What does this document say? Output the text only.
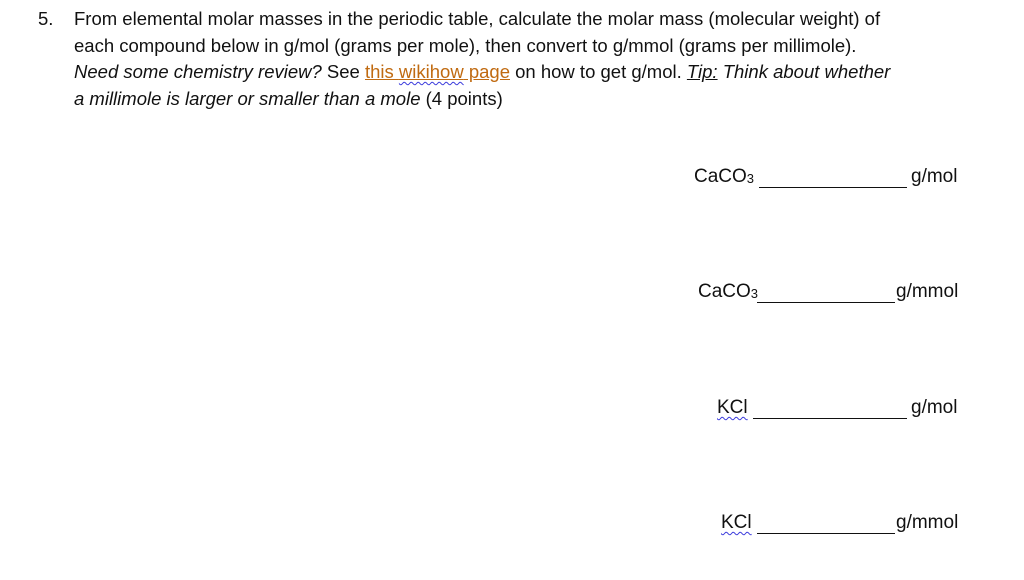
5. From elemental molar masses in the periodic table, calculate the molar mass (molecular weight) of
each compound below in g/mol (grams per mole), then convert to g/mmol (grams per millimole).
Need some chemistry review? See this wikihow page on how to get g/mol. Tip: Think about whether
a millimole is larger or smaller than a mole (4 points)
CaCO$_3$	g/mol
CaCO$_3$	g/mmol
KCl	g/mol
KCl	g/mmol
